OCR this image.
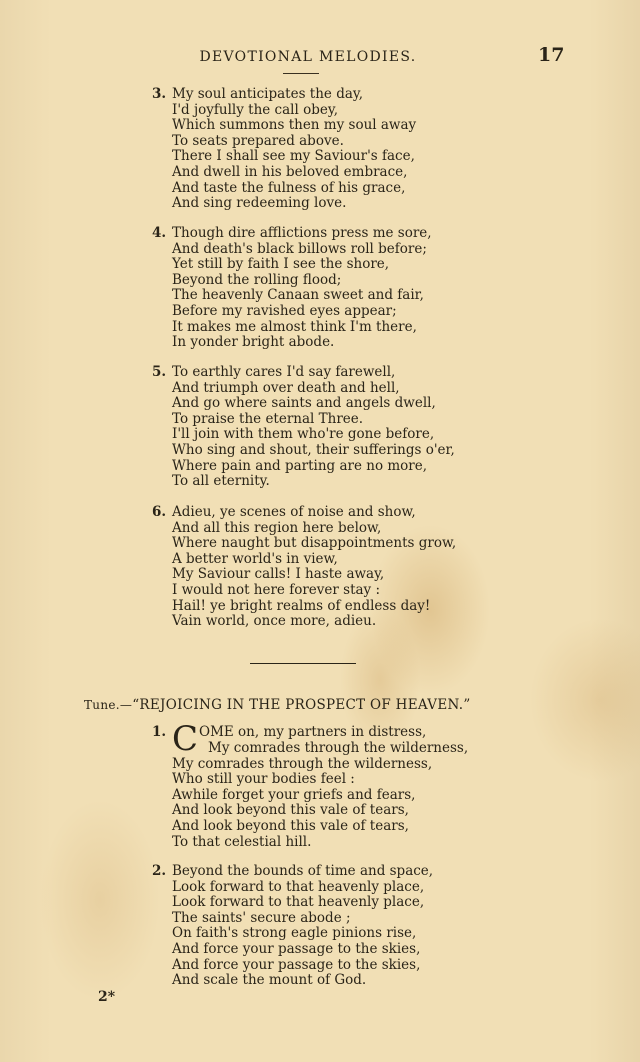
DEVOTIONAL MELODIES.	17
3. My soul anticipates the day,
I'd joyfully the call obey,
Which summons then my soul away
To seats prepared above.
There I shall see my Saviour's face,
And dwell in his beloved embrace,
And taste the fulness of his grace,
And sing redeeming love.
4. Though dire afflictions press me sore,
And death's black billows roll before;
Yet still by faith I see the shore,
Beyond the rolling flood;
The heavenly Canaan sweet and fair,
Before my ravished eyes appear;
It makes me almost think I'm there,
In yonder bright abode.
5. To earthly cares I'd say farewell,
And triumph over death and hell,
And go where saints and angels dwell,
To praise the eternal Three.
I'll join with them who're gone before,
Who sing and shout, their sufferings o'er,
Where pain and parting are no more,
To all eternity.
6. Adieu, ye scenes of noise and show,
And all this region here below,
Where naught but disappointments grow,
A better world's in view,
My Saviour calls! I haste away,
I would not here forever stay :
Hail! ye bright realms of endless day!
Vain world, once more, adieu.
Tune.—“REJOICING IN THE PROSPECT OF HEAVEN.”
1. COME on, my partners in distress,
My comrades through the wilderness,
My comrades through the wilderness,
Who still your bodies feel :
Awhile forget your griefs and fears,
And look beyond this vale of tears,
And look beyond this vale of tears,
To that celestial hill.
2. Beyond the bounds of time and space,
Look forward to that heavenly place,
Look forward to that heavenly place,
The saints' secure abode ;
On faith's strong eagle pinions rise,
And force your passage to the skies,
And force your passage to the skies,
And scale the mount of God.
2*
